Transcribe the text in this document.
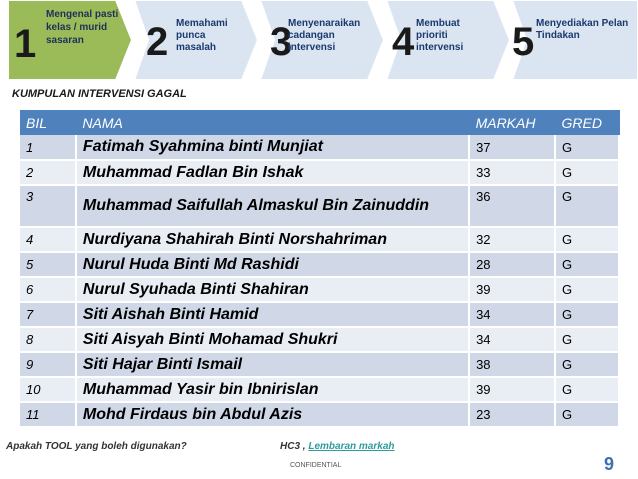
1
Mengenal pasti kelas / murid sasaran	2 Memahami punca masalah	3
Menyenaraikan cadangan intervensi	4 Membuat prioriti intervensi	5 Menyediakan Pelan Tindakan
KUMPULAN INTERVENSI GAGAL
BIL	NAMA	MARKAH	GRED
1	Fatimah Syahmina binti Munjiat	37	G
2	Muhammad Fadlan Bin Ishak	33	G
3	Muhammad Saifullah Almaskul Bin Zainuddin	36	G
4	Nurdiyana Shahirah Binti Norshahriman	32	G
5	Nurul Huda Binti Md Rashidi	28	G
6	Nurul Syuhada Binti Shahiran	39	G
7	Siti Aishah Binti Hamid	34	G
8	Siti Aisyah Binti Mohamad Shukri	34	G
9	Siti Hajar Binti Ismail	38	G
10	Muhammad Yasir bin Ibnirislan	39	G
11	Mohd Firdaus bin Abdul Azis	23	G
Apakah TOOL yang boleh digunakan?	HC3 , Lembaran markah
CONFIDENTIAL	9
